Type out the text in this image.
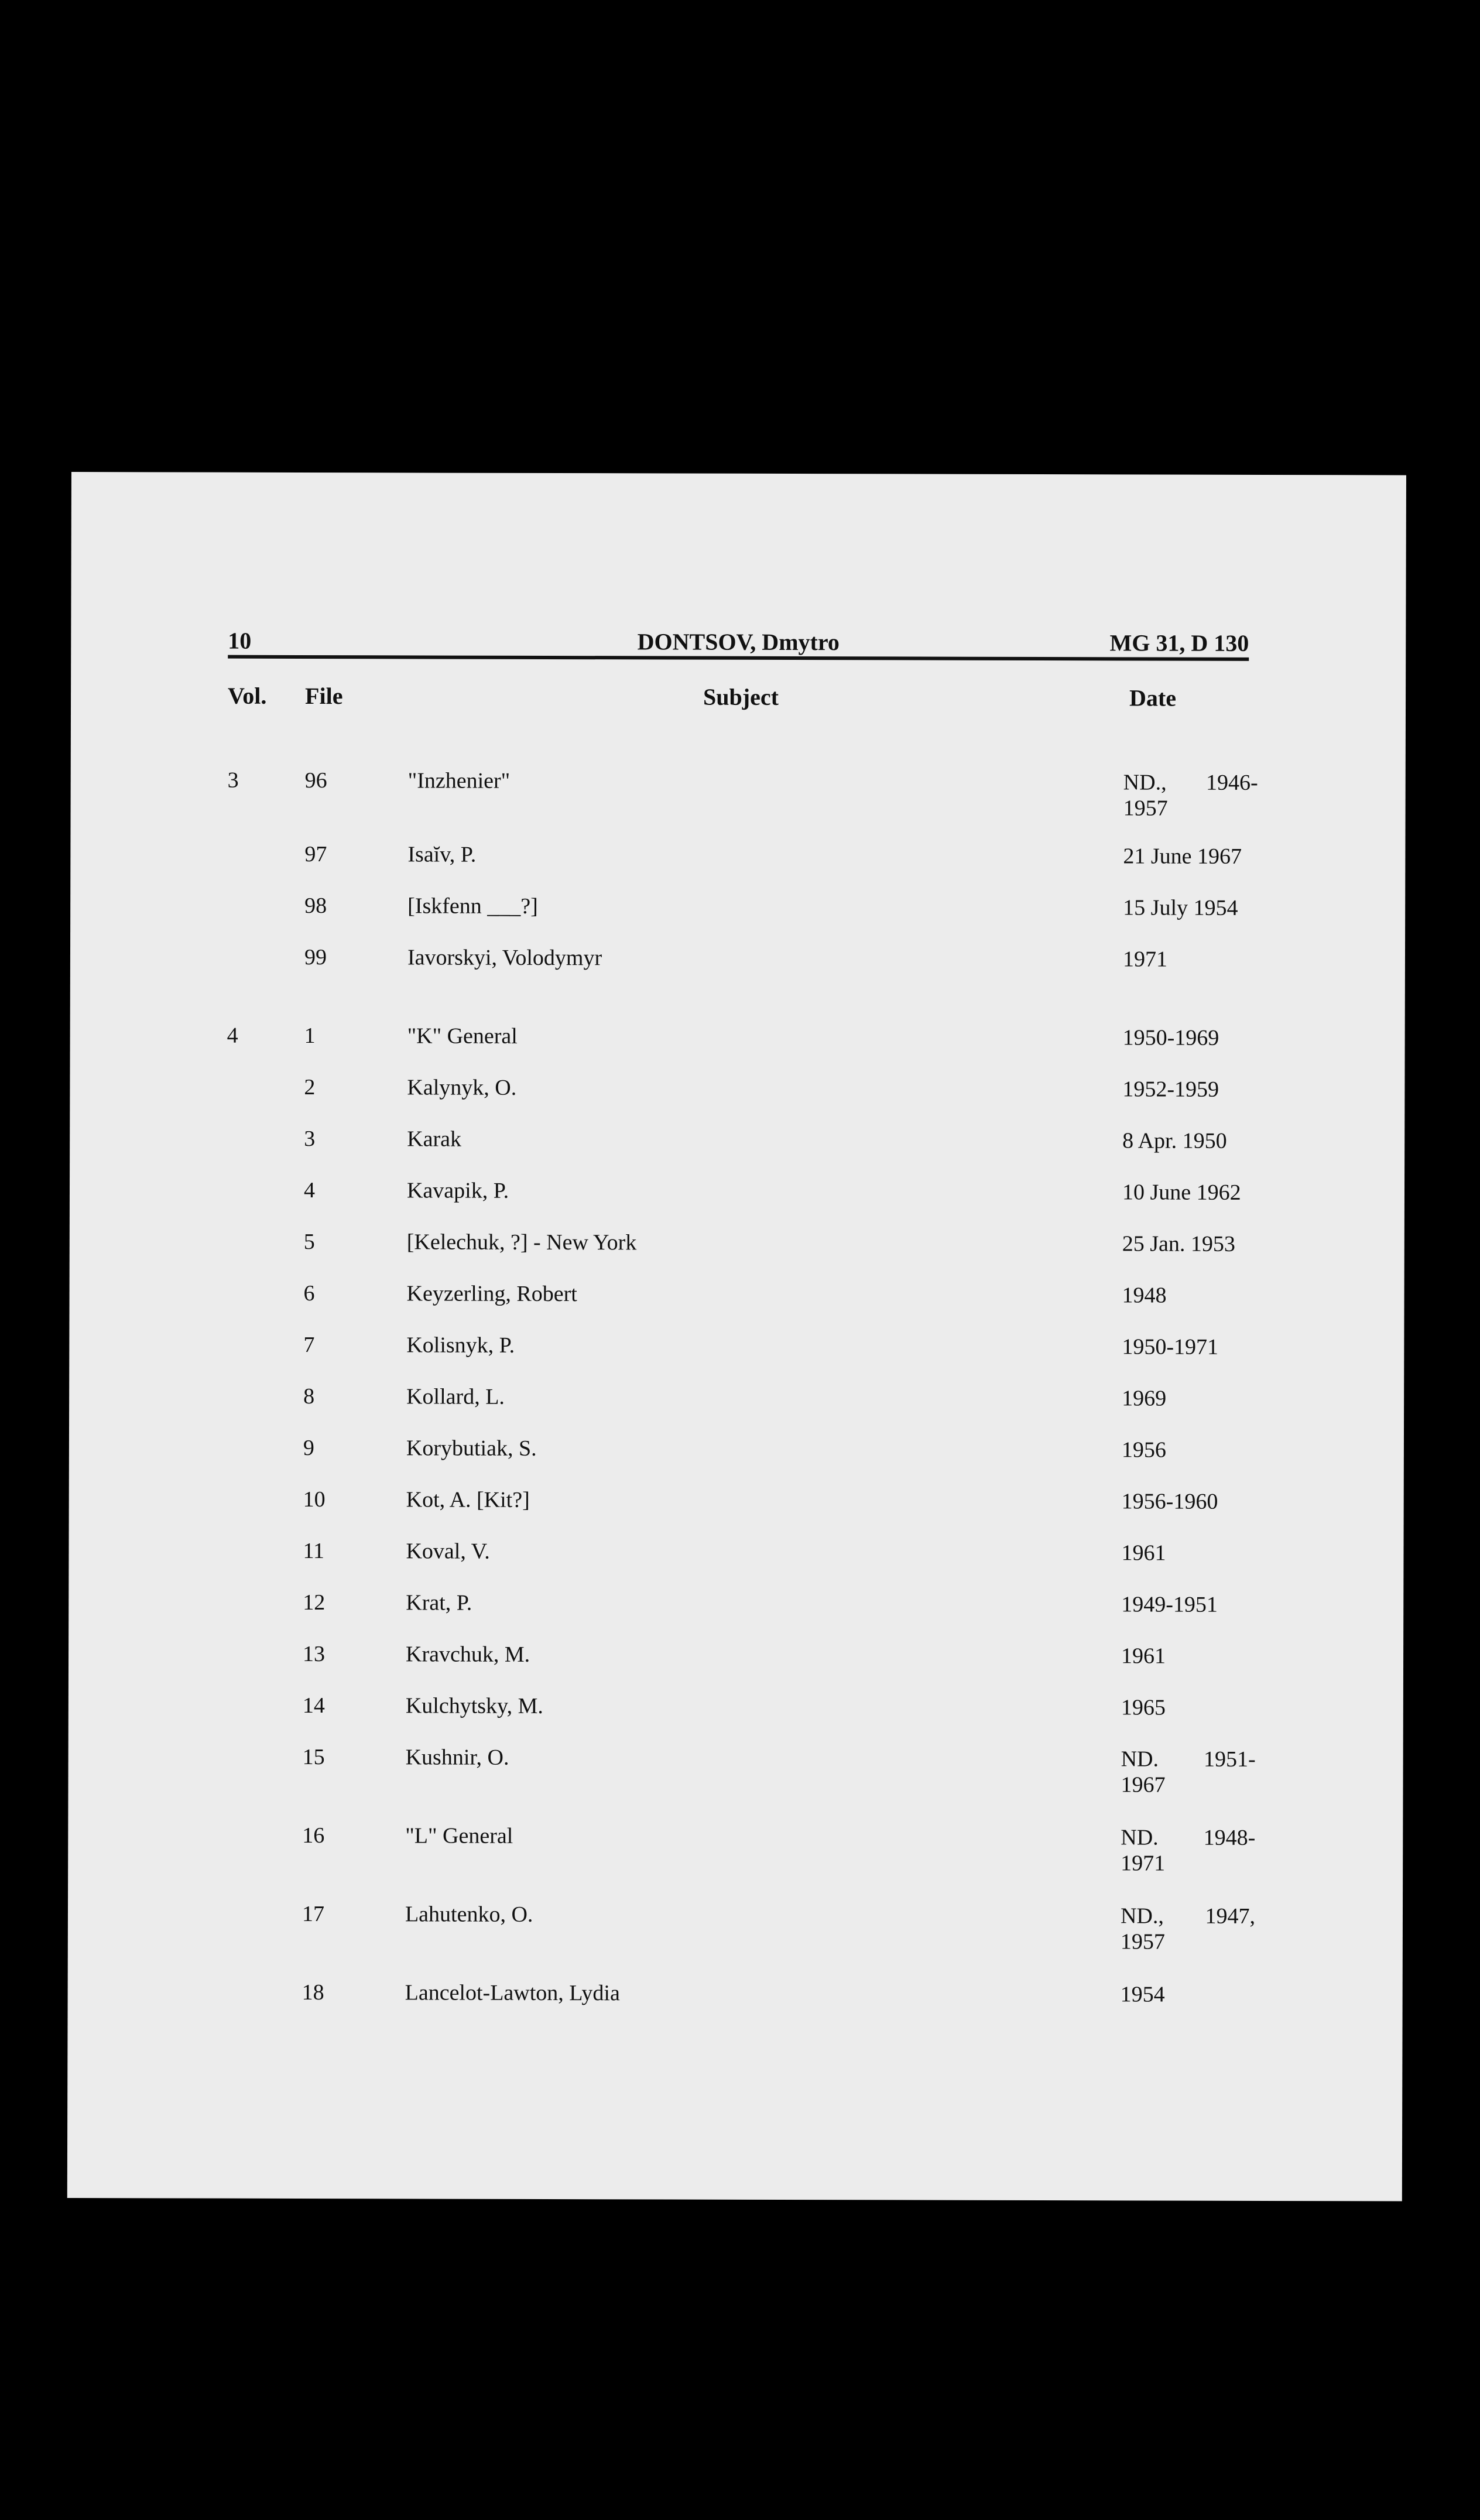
10	DONTSOV, Dmytro	MG 31, D 130
Vol. File	Subject	Date
3	96	"Inzhenier"	ND., 1946-
1957
97	Isaĭv, P.	21 June 1967
98	[Iskfenn ___?]	15 July 1954
99	Iavorskyi, Volodymyr	1971
4	1	"K" General	1950-1969
2	Kalynyk, O.	1952-1959
3	Karak	8 Apr. 1950
4	Kavapik, P.	10 June 1962
5	[Kelechuk, ?] - New York	25 Jan. 1953
6	Keyzerling, Robert	1948
7	Kolisnyk, P.	1950-1971
8	Kollard, L.	1969
9	Korybutiak, S.	1956
10	Kot, A. [Kit?]	1956-1960
11	Koval, V.	1961
12	Krat, P.	1949-1951
13	Kravchuk, M.	1961
14	Kulchytsky, M.	1965
15	Kushnir, O.	ND. 1951-
1967
16	"L" General	ND. 1948-
1971
17	Lahutenko, O.	ND., 1947,
1957
18	Lancelot-Lawton, Lydia	1954
